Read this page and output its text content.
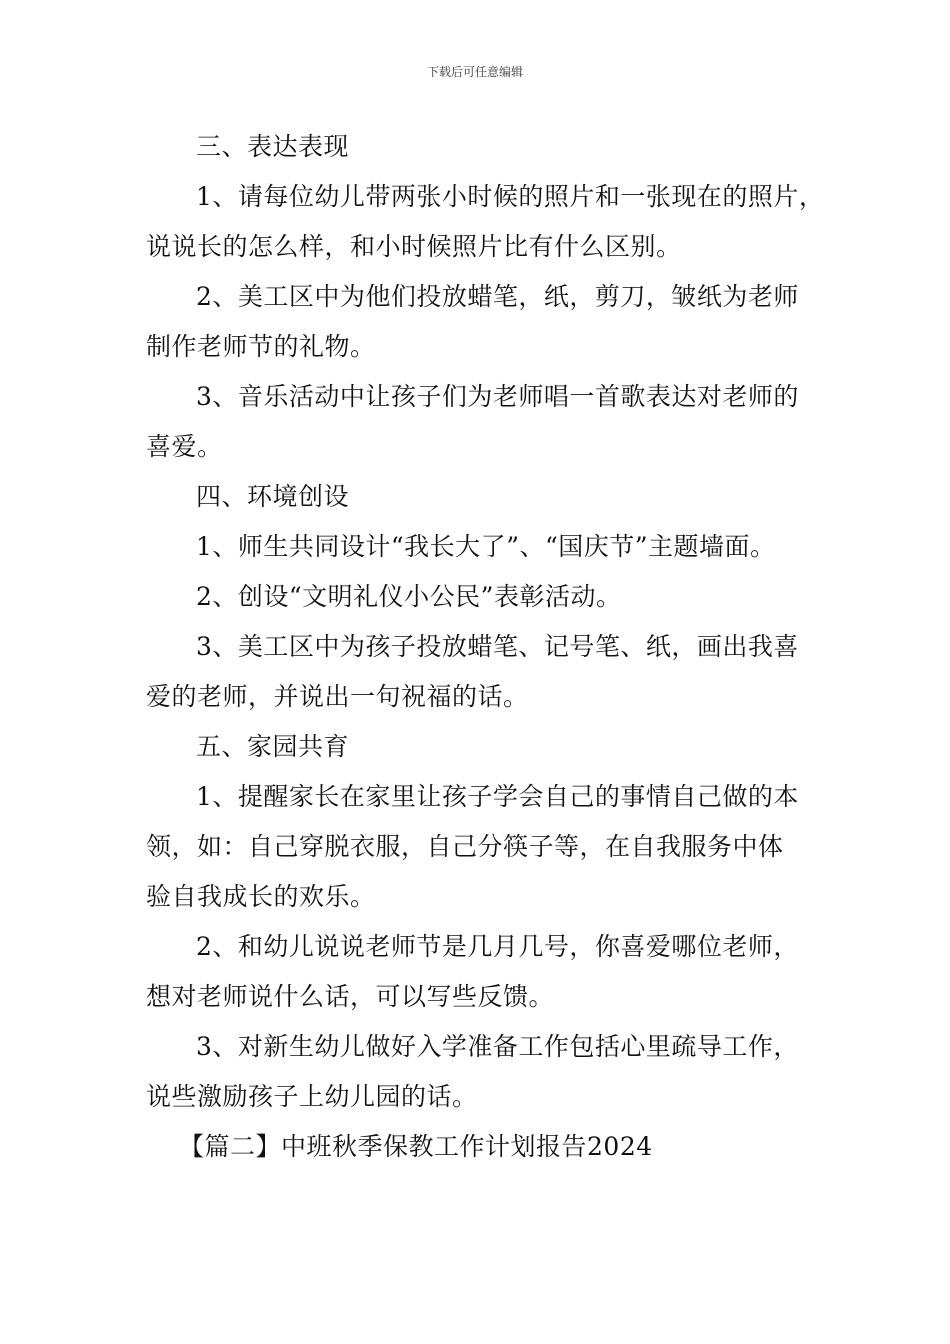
下载后可任意编辑
三、表达表现
1、请每位幼儿带两张小时候的照片和一张现在的照片，
说说长的怎么样，和小时候照片比有什么区别。
2、美工区中为他们投放蜡笔，纸，剪刀，皱纸为老师
制作老师节的礼物。
3、音乐活动中让孩子们为老师唱一首歌表达对老师的
喜爱。
四、环境创设
1、师生共同设计“我长大了”、“国庆节”主题墙面。
2、创设“文明礼仪小公民”表彰活动。
3、美工区中为孩子投放蜡笔、记号笔、纸，画出我喜
爱的老师，并说出一句祝福的话。
五、家园共育
1、提醒家长在家里让孩子学会自己的事情自己做的本
领，如：自己穿脱衣服，自己分筷子等，在自我服务中体
验自我成长的欢乐。
2、和幼儿说说老师节是几月几号，你喜爱哪位老师，
想对老师说什么话，可以写些反馈。
3、对新生幼儿做好入学准备工作包括心里疏导工作，
说些激励孩子上幼儿园的话。
【篇二】中班秋季保教工作计划报告2024
